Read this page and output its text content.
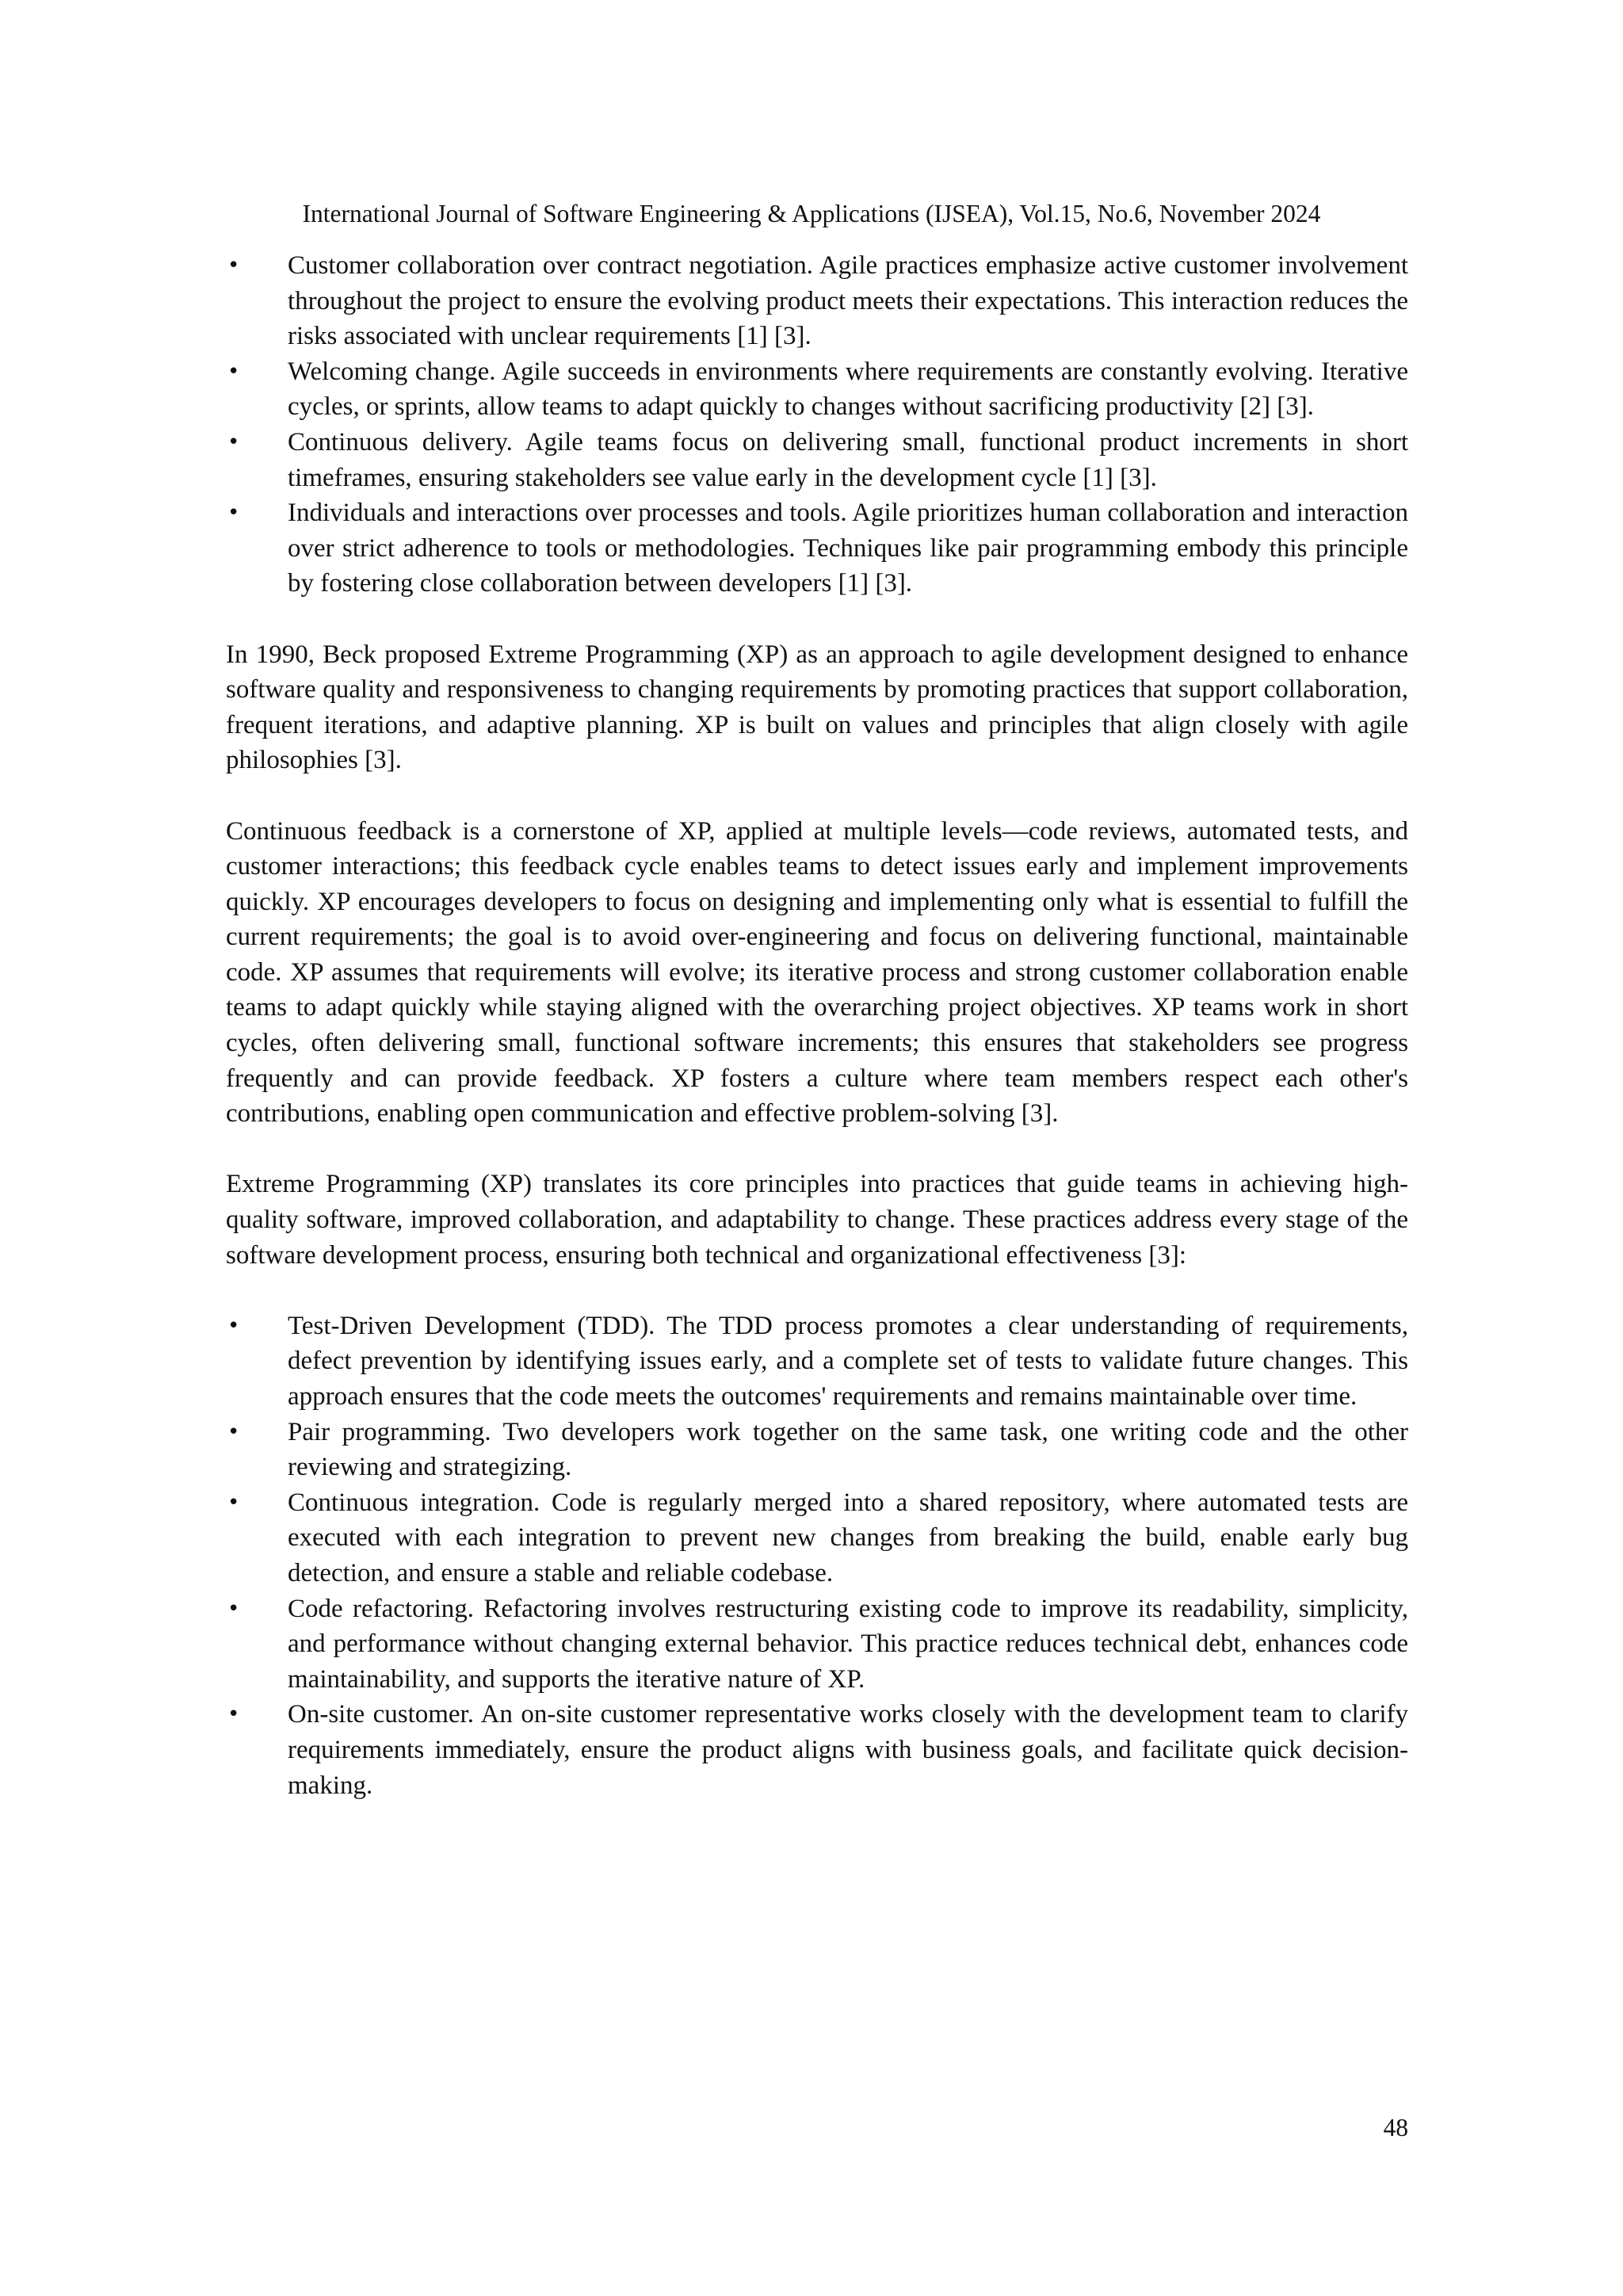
International Journal of Software Engineering & Applications (IJSEA), Vol.15, No.6, November 2024
• Customer collaboration over contract negotiation. Agile practices emphasize active customer involvement throughout the project to ensure the evolving product meets their expectations. This interaction reduces the risks associated with unclear requirements [1] [3].
• Welcoming change. Agile succeeds in environments where requirements are constantly evolving. Iterative cycles, or sprints, allow teams to adapt quickly to changes without sacrificing productivity [2] [3].
• Continuous delivery. Agile teams focus on delivering small, functional product increments in short timeframes, ensuring stakeholders see value early in the development cycle [1] [3].
• Individuals and interactions over processes and tools. Agile prioritizes human collaboration and interaction over strict adherence to tools or methodologies. Techniques like pair programming embody this principle by fostering close collaboration between developers [1] [3].

In 1990, Beck proposed Extreme Programming (XP) as an approach to agile development designed to enhance software quality and responsiveness to changing requirements by promoting practices that support collaboration, frequent iterations, and adaptive planning. XP is built on values and principles that align closely with agile philosophies [3].

Continuous feedback is a cornerstone of XP, applied at multiple levels—code reviews, automated tests, and customer interactions; this feedback cycle enables teams to detect issues early and implement improvements quickly. XP encourages developers to focus on designing and implementing only what is essential to fulfill the current requirements; the goal is to avoid over-engineering and focus on delivering functional, maintainable code. XP assumes that requirements will evolve; its iterative process and strong customer collaboration enable teams to adapt quickly while staying aligned with the overarching project objectives. XP teams work in short cycles, often delivering small, functional software increments; this ensures that stakeholders see progress frequently and can provide feedback. XP fosters a culture where team members respect each other's contributions, enabling open communication and effective problem-solving [3].

Extreme Programming (XP) translates its core principles into practices that guide teams in achieving high-quality software, improved collaboration, and adaptability to change. These practices address every stage of the software development process, ensuring both technical and organizational effectiveness [3]:

• Test-Driven Development (TDD). The TDD process promotes a clear understanding of requirements, defect prevention by identifying issues early, and a complete set of tests to validate future changes. This approach ensures that the code meets the outcomes' requirements and remains maintainable over time.
• Pair programming. Two developers work together on the same task, one writing code and the other reviewing and strategizing.
• Continuous integration. Code is regularly merged into a shared repository, where automated tests are executed with each integration to prevent new changes from breaking the build, enable early bug detection, and ensure a stable and reliable codebase.
• Code refactoring. Refactoring involves restructuring existing code to improve its readability, simplicity, and performance without changing external behavior. This practice reduces technical debt, enhances code maintainability, and supports the iterative nature of XP.
• On-site customer. An on-site customer representative works closely with the development team to clarify requirements immediately, ensure the product aligns with business goals, and facilitate quick decision-making.
48
